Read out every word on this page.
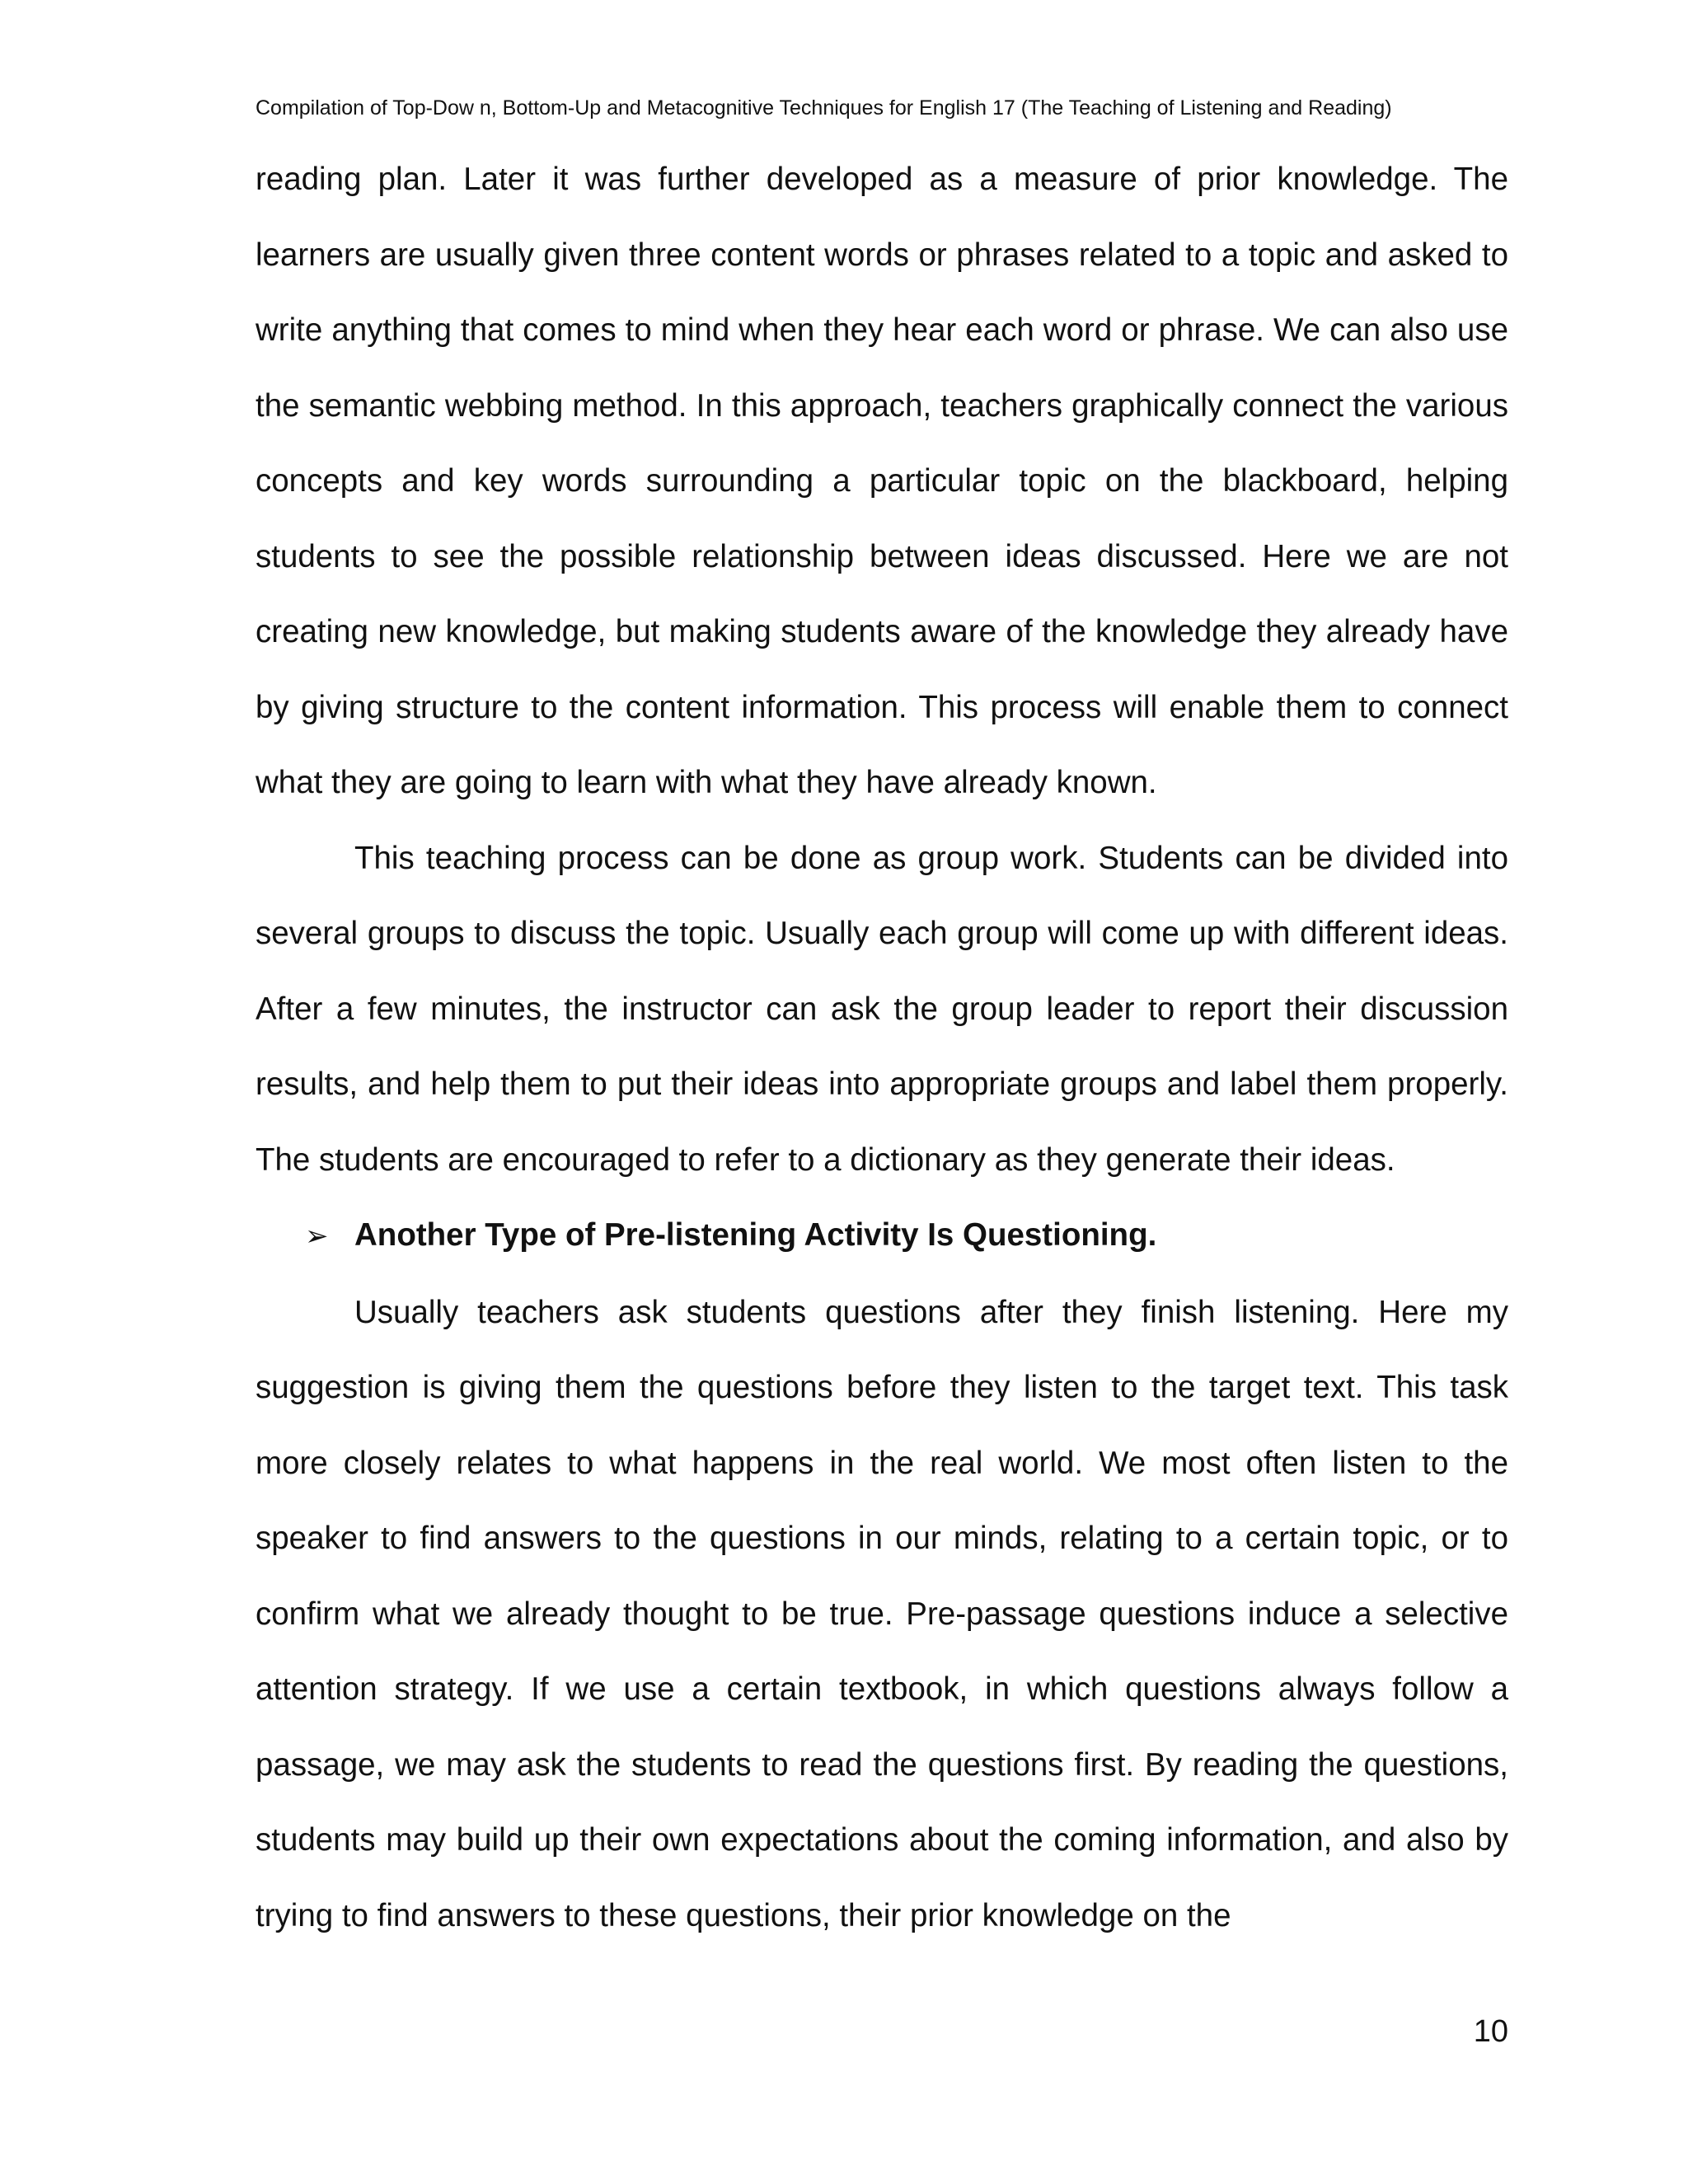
Compilation of Top-Dow n, Bottom-Up and Metacognitive Techniques for English 17 (The Teaching of Listening and Reading)

reading plan. Later it was further developed as a measure of prior knowledge. The learners are usually given three content words or phrases related to a topic and asked to write anything that comes to mind when they hear each word or phrase. We can also use the semantic webbing method. In this approach, teachers graphically connect the various concepts and key words surrounding a particular topic on the blackboard, helping students to see the possible relationship between ideas discussed. Here we are not creating new knowledge, but making students aware of the knowledge they already have by giving structure to the content information. This process will enable them to connect what they are going to learn with what they have already known.

This teaching process can be done as group work. Students can be divided into several groups to discuss the topic. Usually each group will come up with different ideas. After a few minutes, the instructor can ask the group leader to report their discussion results, and help them to put their ideas into appropriate groups and label them properly. The students are encouraged to refer to a dictionary as they generate their ideas.

➢ Another Type of Pre-listening Activity Is Questioning.

Usually teachers ask students questions after they finish listening. Here my suggestion is giving them the questions before they listen to the target text. This task more closely relates to what happens in the real world. We most often listen to the speaker to find answers to the questions in our minds, relating to a certain topic, or to confirm what we already thought to be true. Pre-passage questions induce a selective attention strategy. If we use a certain textbook, in which questions always follow a passage, we may ask the students to read the questions first. By reading the questions, students may build up their own expectations about the coming information, and also by trying to find answers to these questions, their prior knowledge on the

10
